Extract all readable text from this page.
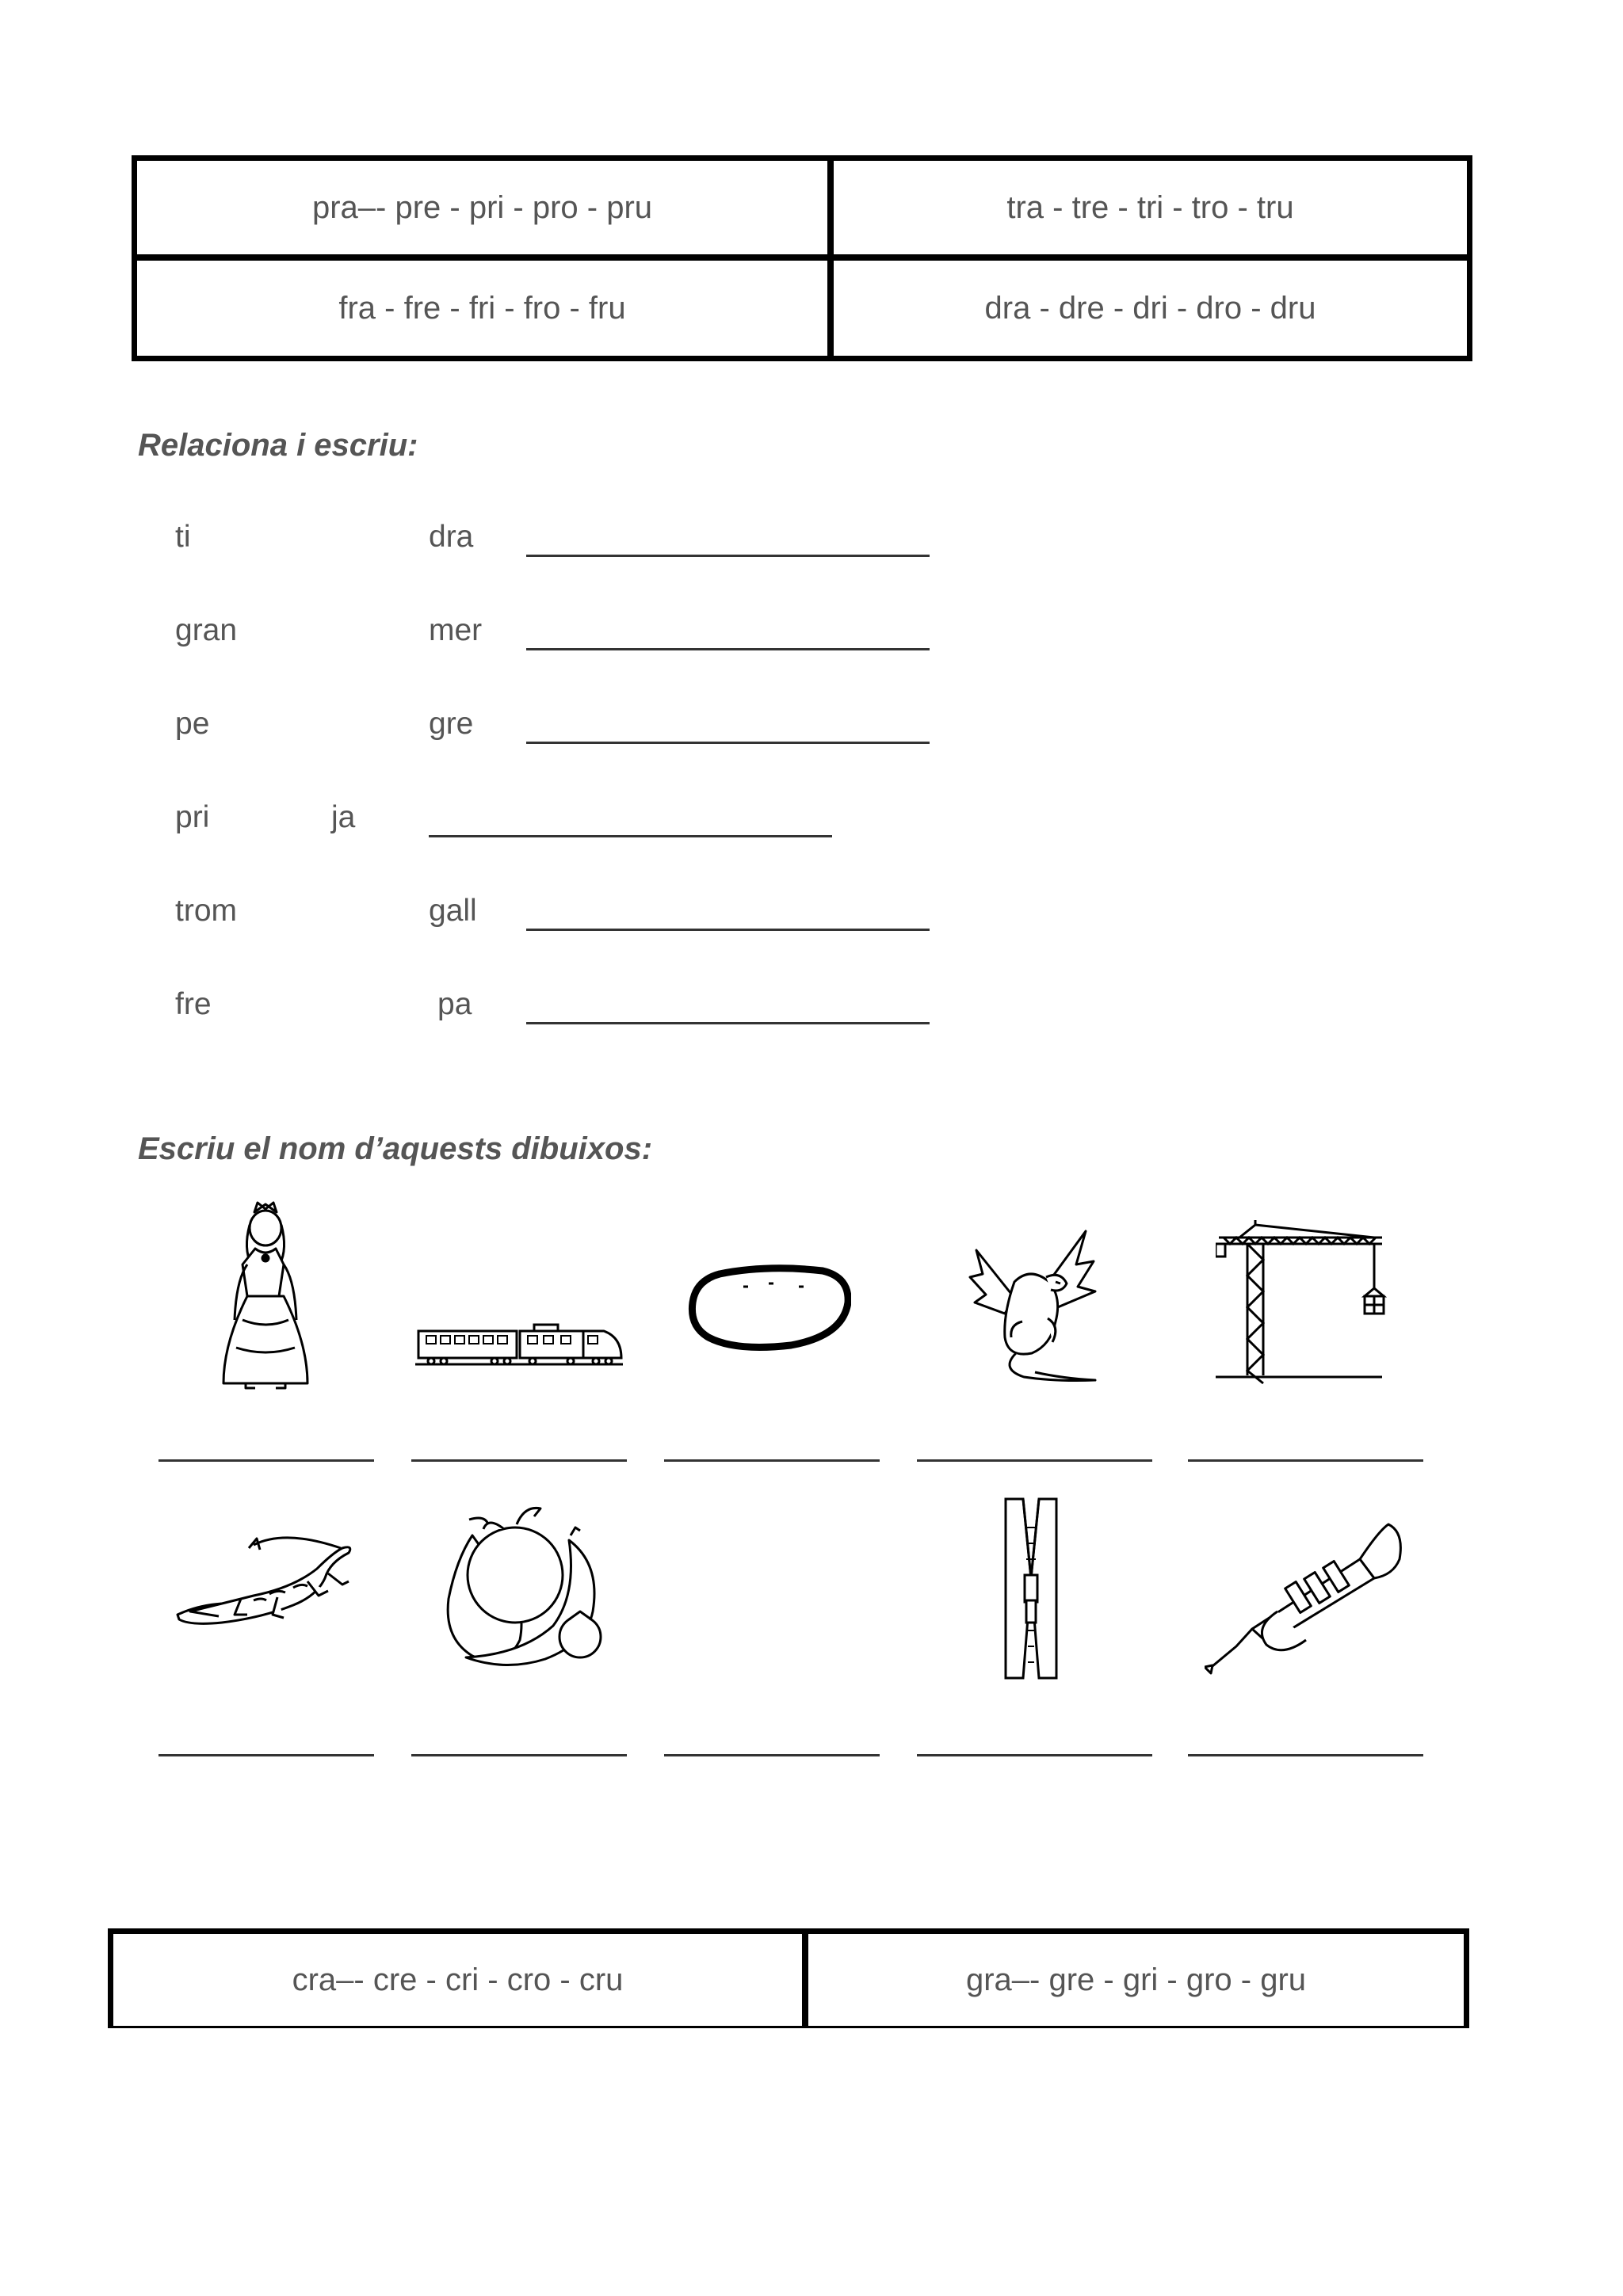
pra–- pre - pri - pro - pru	tra - tre - tri - tro - tru
fra - fre - fri - fro - fru	dra - dre - dri - dro - dru
Relaciona i escriu:
ti	dra
gran	mer
pe	gre
pri	ja
trom	gall
fre	pa
Escriu el nom d’aquests dibuixos:
cra–- cre - cri - cro - cru	gra–- gre - gri - gro - gru
